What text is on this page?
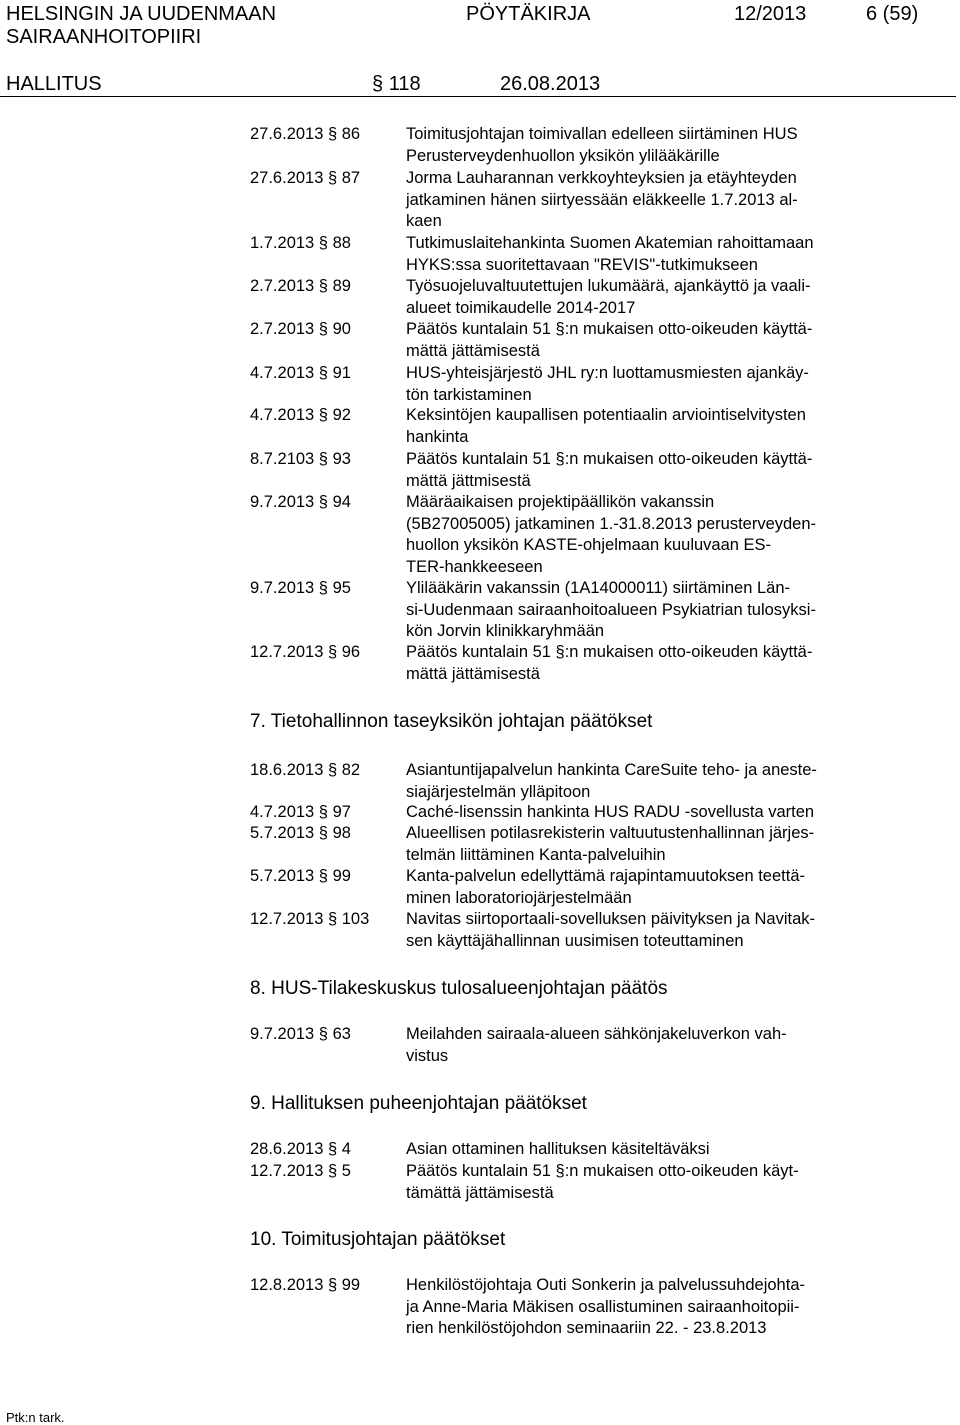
HELSINGIN JA UUDENMAAN
SAIRAANHOITOPIIRI
PÖYTÄKIRJA	12/2013	6 (59)
HALLITUS	§ 118	26.08.2013
27.6.2013 § 86	Toimitusjohtajan toimivallan edelleen siirtäminen HUS
Perusterveydenhuollon yksikön ylilääkärille
27.6.2013 § 87	Jorma Lauharannan verkkoyhteyksien ja etäyhteyden
jatkaminen hänen siirtyessään eläkkeelle 1.7.2013 al-
kaen
1.7.2013 § 88	Tutkimuslaitehankinta Suomen Akatemian rahoittamaan
HYKS:ssa suoritettavaan "REVIS"-tutkimukseen
2.7.2013 § 89	Työsuojeluvaltuutettujen lukumäärä, ajankäyttö ja vaali-
alueet toimikaudelle 2014-2017
2.7.2013 § 90	Päätös kuntalain 51 §:n mukaisen otto-oikeuden käyttä-
mättä jättämisestä
4.7.2013 § 91	HUS-yhteisjärjestö JHL ry:n luottamusmiesten ajankäy-
tön tarkistaminen
4.7.2013 § 92	Keksintöjen kaupallisen potentiaalin arviointiselvitysten
hankinta
8.7.2103 § 93	Päätös kuntalain 51 §:n mukaisen otto-oikeuden käyttä-
mättä jättmisestä
9.7.2013 § 94	Määräaikaisen projektipäällikön vakanssin
(5B27005005) jatkaminen 1.-31.8.2013 perusterveyden-
huollon yksikön KASTE-ohjelmaan kuuluvaan ES-
TER-hankkeeseen
9.7.2013 § 95	Ylilääkärin vakanssin (1A14000011) siirtäminen Län-
si-Uudenmaan sairaanhoitoalueen Psykiatrian tulosyksi-
kön Jorvin klinikkaryhmään
12.7.2013 § 96	Päätös kuntalain 51 §:n mukaisen otto-oikeuden käyttä-
mättä jättämisestä
7. Tietohallinnon taseyksikön johtajan päätökset
18.6.2013 § 82	Asiantuntijapalvelun hankinta CareSuite teho- ja aneste-
siajärjestelmän ylläpitoon
4.7.2013 § 97	Caché-lisenssin hankinta HUS RADU -sovellusta varten
5.7.2013 § 98	Alueellisen potilasrekisterin valtuutustenhallinnan järjes-
telmän liittäminen Kanta-palveluihin
5.7.2013 § 99	Kanta-palvelun edellyttämä rajapintamuutoksen teettä-
minen laboratoriojärjestelmään
12.7.2013 § 103 Navitas siirtoportaali-sovelluksen päivityksen ja Navitak-
sen käyttäjähallinnan uusimisen toteuttaminen
8. HUS-Tilakeskuskus tulosalueenjohtajan päätös
9.7.2013 § 63	Meilahden sairaala-alueen sähkönjakeluverkon vah-
vistus
9. Hallituksen puheenjohtajan päätökset
28.6.2013 § 4	Asian ottaminen hallituksen käsiteltäväksi
12.7.2013 § 5	Päätös kuntalain 51 §:n mukaisen otto-oikeuden käyt-
tämättä jättämisestä
10. Toimitusjohtajan päätökset
12.8.2013 § 99	Henkilöstöjohtaja Outi Sonkerin ja palvelussuhdejohta-
ja Anne-Maria Mäkisen osallistuminen sairaanhoitopii-
rien henkilöstöjohdon seminaariin 22. - 23.8.2013
Ptk:n tark.
